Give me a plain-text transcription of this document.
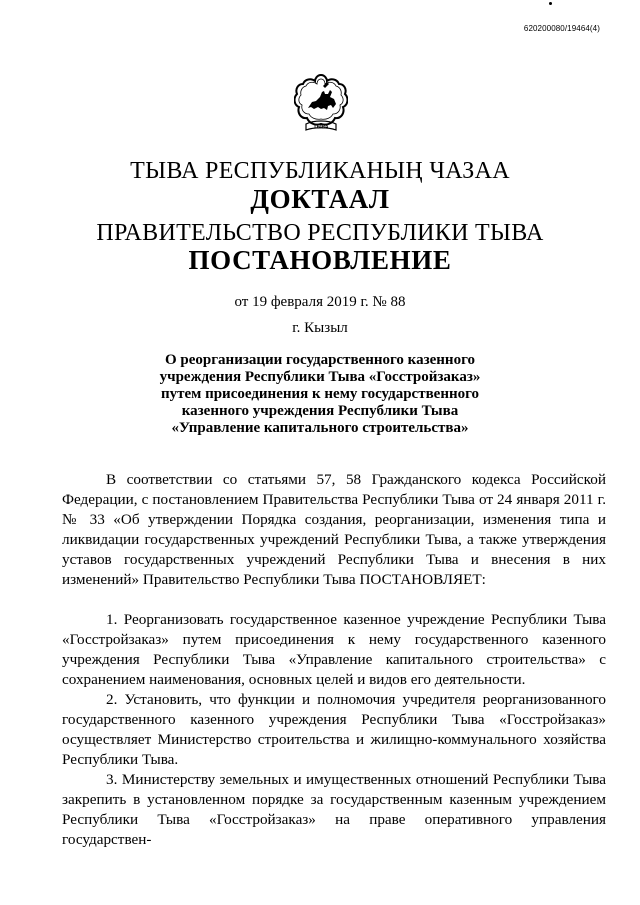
620200080/19464(4)
ТЫВА
ТЫВА РЕСПУБЛИКАНЫҢ ЧАЗАА
ДОКТААЛ
ПРАВИТЕЛЬСТВО РЕСПУБЛИКИ ТЫВА
ПОСТАНОВЛЕНИЕ
от 19 февраля 2019 г. № 88
г. Кызыл
О реорганизации государственного казенного
учреждения Республики Тыва «Госстройзаказ»
путем присоединения к нему государственного
казенного учреждения Республики Тыва
«Управление капитального строительства»

В соответствии со статьями 57, 58 Гражданского кодекса Российской Федерации, с постановлением Правительства Республики Тыва от 24 января 2011 г. № 33 «Об утверждении Порядка создания, реорганизации, изменения типа и ликвидации государственных учреждений Республики Тыва, а также утверждения уставов государственных учреждений Республики Тыва и внесения в них изменений» Правительство Республики Тыва ПОСТАНОВЛЯЕТ:

1. Реорганизовать государственное казенное учреждение Республики Тыва «Госстройзаказ» путем присоединения к нему государственного казенного учреждения Республики Тыва «Управление капитального строительства» с сохранением наименования, основных целей и видов его деятельности.

2. Установить, что функции и полномочия учредителя реорганизованного государственного казенного учреждения Республики Тыва «Госстройзаказ» осуществляет Министерство строительства и жилищно-коммунального хозяйства Республики Тыва.

3. Министерству земельных и имущественных отношений Республики Тыва закрепить в установленном порядке за государственным казенным учреждением Республики Тыва «Госстройзаказ» на праве оперативного управления государствен-
